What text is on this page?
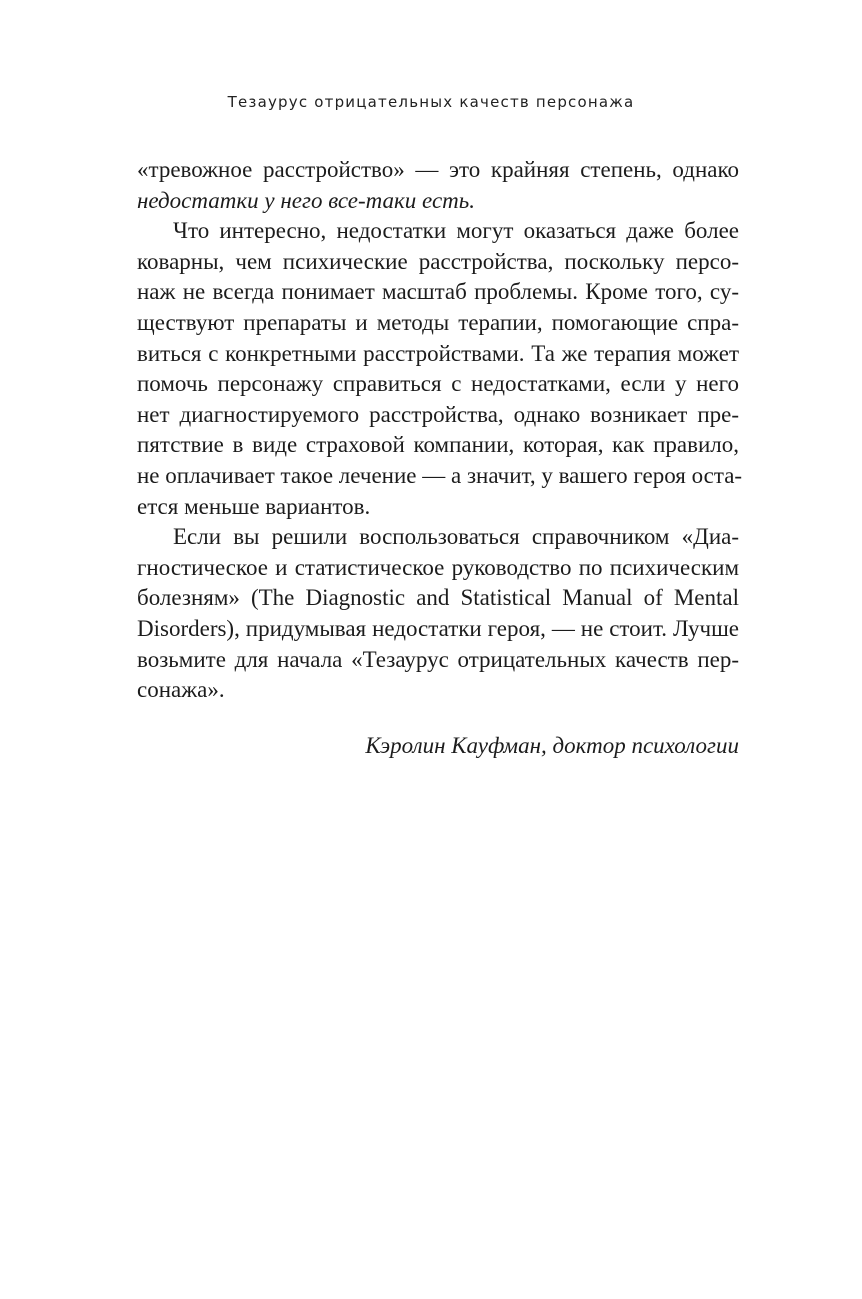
Тезаурус отрицательных качеств персонажа
«тревожное расстройство» — это крайняя степень, однако
недостатки у него все-таки есть.
Что интересно, недостатки могут оказаться даже более
коварны, чем психические расстройства, поскольку персо-
наж не всегда понимает масштаб проблемы. Кроме того, су-
ществуют препараты и методы терапии, помогающие спра-
виться с конкретными расстройствами. Та же терапия может
помочь персонажу справиться с недостатками, если у него
нет диагностируемого расстройства, однако возникает пре-
пятствие в виде страховой компании, которая, как правило,
не оплачивает такое лечение — а значит, у вашего героя оста-
ется меньше вариантов.
Если вы решили воспользоваться справочником «Диа-
гностическое и статистическое руководство по психическим
болезням» (The Diagnostic and Statistical Manual of Mental
Disorders), придумывая недостатки героя, — не стоит. Лучше
возьмите для начала «Тезаурус отрицательных качеств пер-
сонажа».
Кэролин Кауфман, доктор психологии
